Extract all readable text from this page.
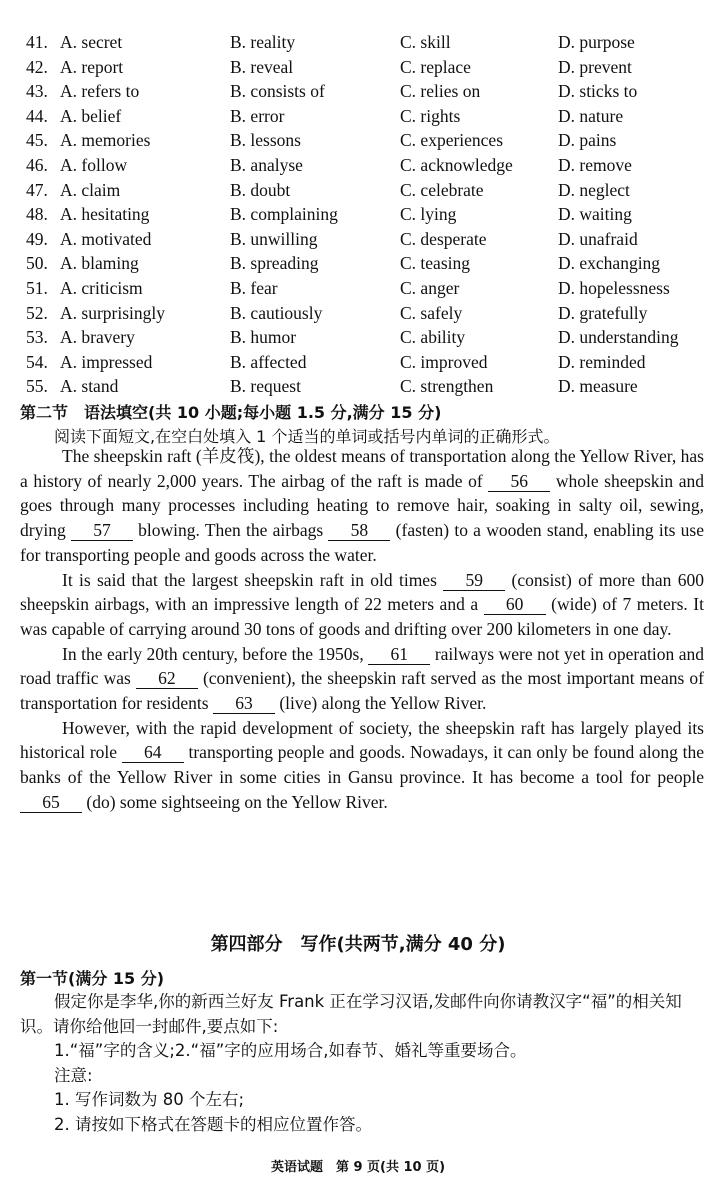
41. A. secret	B. reality	C. skill	D. purpose
42. A. report	B. reveal	C. replace	D. prevent
43. A. refers to	B. consists of	C. relies on	D. sticks to
44. A. belief	B. error	C. rights	D. nature
45. A. memories	B. lessons	C. experiences	D. pains
46. A. follow	B. analyse	C. acknowledge	D. remove
47. A. claim	B. doubt	C. celebrate	D. neglect
48. A. hesitating	B. complaining	C. lying	D. waiting
49. A. motivated	B. unwilling	C. desperate	D. unafraid
50. A. blaming	B. spreading	C. teasing	D. exchanging
51. A. criticism	B. fear	C. anger	D. hopelessness
52. A. surprisingly	B. cautiously	C. safely	D. gratefully
53. A. bravery	B. humor	C. ability	D. understanding
54. A. impressed	B. affected	C. improved	D. reminded
55. A. stand	B. request	C. strengthen	D. measure
第二节　语法填空(共 10 小题;每小题 1.5 分,满分 15 分)
阅读下面短文,在空白处填入 1 个适当的单词或括号内单词的正确形式。

The sheepskin raft (羊皮筏), the oldest means of transportation along the Yellow River, has a history of nearly 2,000 years. The airbag of the raft is made of 56 whole sheepskin and goes through many processes including heating to remove hair, soaking in salty oil, sewing, drying 57 blowing. Then the airbags 58 (fasten) to a wooden stand, enabling its use for transporting people and goods across the water.

It is said that the largest sheepskin raft in old times 59 (consist) of more than 600 sheepskin airbags, with an impressive length of 22 meters and a 60 (wide) of 7 meters. It was capable of carrying around 30 tons of goods and drifting over 200 kilometers in one day.

In the early 20th century, before the 1950s, 61 railways were not yet in operation and road traffic was 62 (convenient), the sheepskin raft served as the most important means of transportation for residents 63 (live) along the Yellow River.

However, with the rapid development of society, the sheepskin raft has largely played its historical role 64 transporting people and goods. Nowadays, it can only be found along the banks of the Yellow River in some cities in Gansu province. It has become a tool for people 65 (do) some sightseeing on the Yellow River.

第四部分　写作(共两节,满分 40 分)
第一节(满分 15 分)

假定你是李华,你的新西兰好友 Frank 正在学习汉语,发邮件向你请教汉字“福”的相关知识。请你给他回一封邮件,要点如下:

1.“福”字的含义;2.“福”字的应用场合,如春节、婚礼等重要场合。

注意:

1. 写作词数为 80 个左右;

2. 请按如下格式在答题卡的相应位置作答。

英语试题　第 9 页(共 10 页)
